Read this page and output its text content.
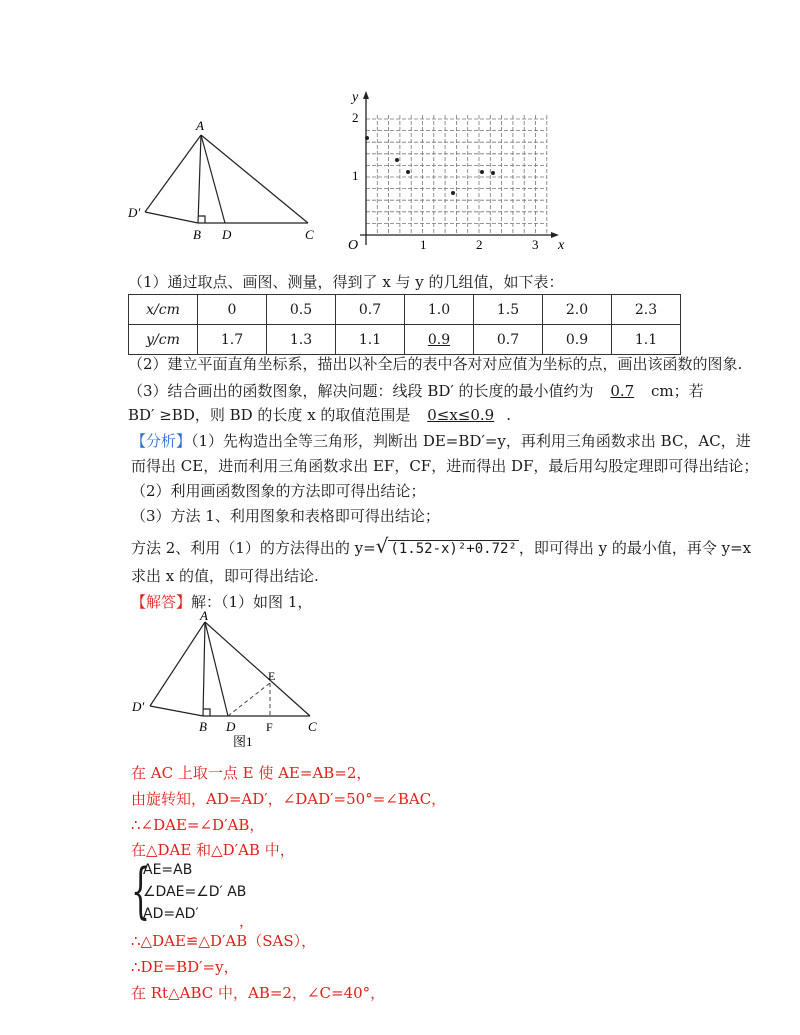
A
D′
B D	C
y
x
O
1
2
1	2	3
（1）通过取点、画图、测量，得到了 x 与 y 的几组值，如下表：
x/cm	0	0.5	0.7	1.0	1.5	2.0	2.3
y/cm	1.7	1.3	1.1	0.9	0.7	0.9	1.1
（2）建立平面直角坐标系，描出以补全后的表中各对对应值为坐标的点，画出该函数的图象.
（3）结合画出的函数图象，解决问题：线段 BD′ 的长度的最小值约为 0.7 cm；若
BD′ ≥BD，则 BD 的长度 x 的取值范围是 0≤x≤0.9 .
【分析】（1）先构造出全等三角形，判断出 DE=BD′=y，再利用三角函数求出 BC，AC，进
而得出 CE，进而利用三角函数求出 EF，CF，进而得出 DF，最后用勾股定理即可得出结论；
（2）利用画函数图象的方法即可得出结论；
（3）方法 1、利用图象和表格即可得出结论；
方法 2、利用（1）的方法得出的 y=√ (1.52-x)²+0.72² ，即可得出 y 的最小值，再令 y=x
求出 x 的值，即可得出结论.
【解答】解：（1）如图 1，
A
D′
B D
E
F	C
图1
在 AC 上取一点 E 使 AE=AB=2，
由旋转知，AD=AD′，∠DAD′=50°=∠BAC，
∴∠DAE=∠D′AB，
在△DAE 和△D′AB 中，
{
AE=AB
∠DAE=∠D′ AB
AD=AD′	，
∴△DAE≌△D′AB（SAS），
∴DE=BD′=y，
在 Rt△ABC 中，AB=2，∠C=40°，
